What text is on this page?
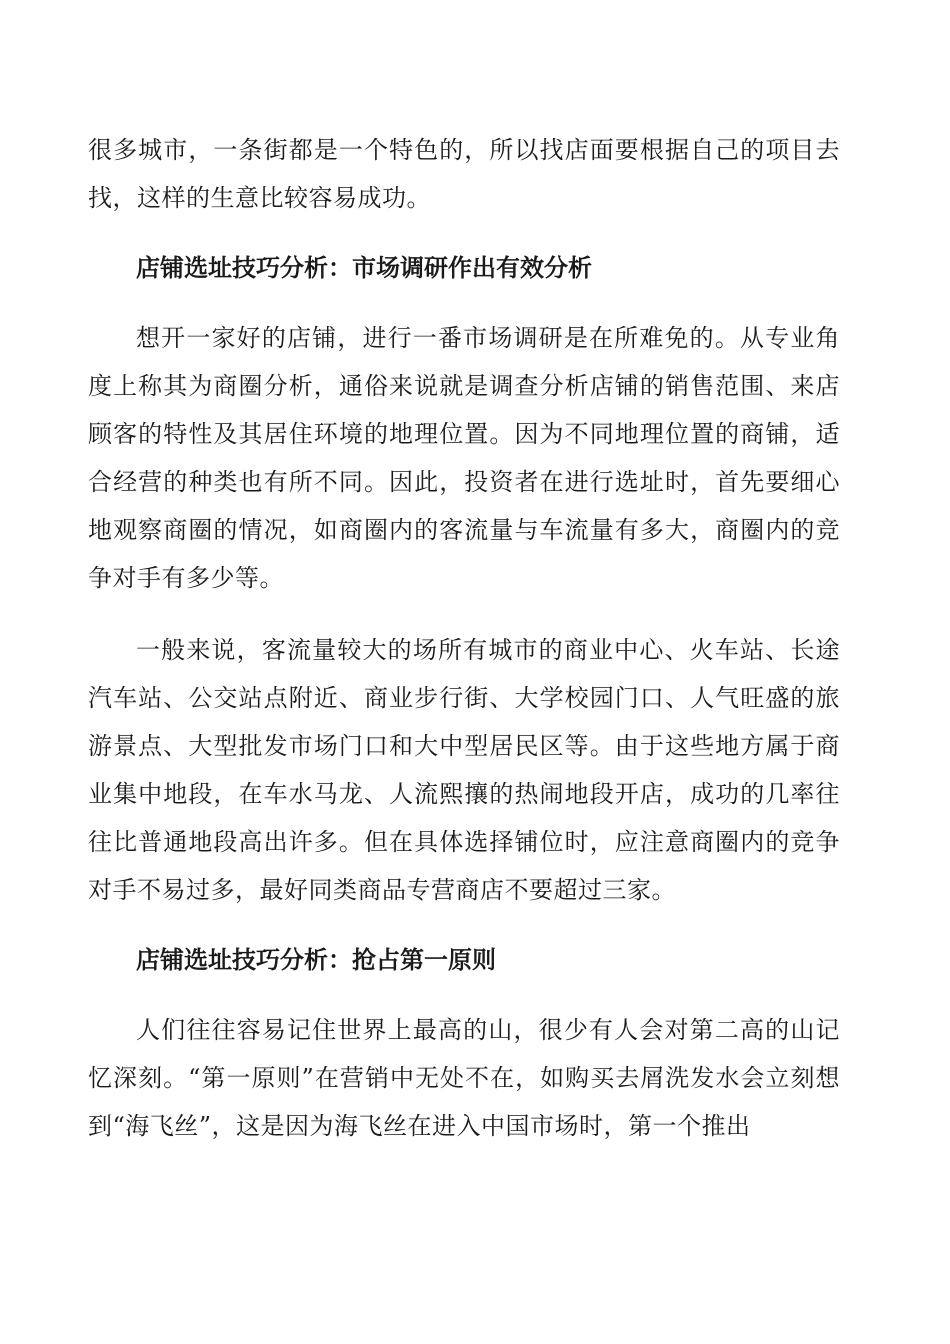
很多城市，一条街都是一个特色的，所以找店面要根据自己的项目去找，这样的生意比较容易成功。

店铺选址技巧分析：市场调研作出有效分析

想开一家好的店铺，进行一番市场调研是在所难免的。从专业角度上称其为商圈分析，通俗来说就是调查分析店铺的销售范围、来店顾客的特性及其居住环境的地理位置。因为不同地理位置的商铺，适合经营的种类也有所不同。因此，投资者在进行选址时，首先要细心地观察商圈的情况，如商圈内的客流量与车流量有多大，商圈内的竞争对手有多少等。

一般来说，客流量较大的场所有城市的商业中心、火车站、长途汽车站、公交站点附近、商业步行街、大学校园门口、人气旺盛的旅游景点、大型批发市场门口和大中型居民区等。由于这些地方属于商业集中地段，在车水马龙、人流熙攘的热闹地段开店，成功的几率往往比普通地段高出许多。但在具体选择铺位时，应注意商圈内的竞争对手不易过多，最好同类商品专营商店不要超过三家。

店铺选址技巧分析：抢占第一原则

人们往往容易记住世界上最高的山，很少有人会对第二高的山记忆深刻。“第一原则”在营销中无处不在，如购买去屑洗发水会立刻想到“海飞丝”，这是因为海飞丝在进入中国市场时，第一个推出
